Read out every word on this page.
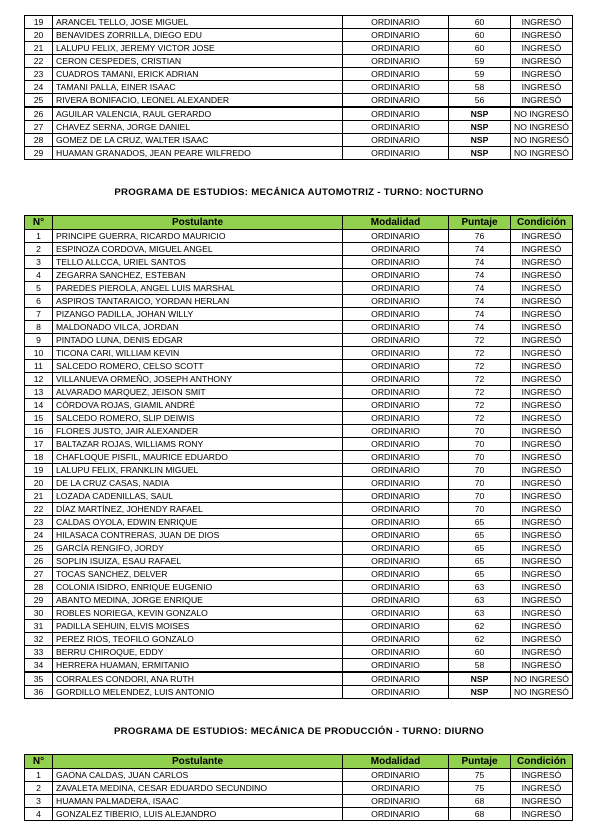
19	ARANCEL TELLO, JOSE MIGUEL	ORDINARIO	60	INGRESÓ
20	BENAVIDES ZORRILLA, DIEGO EDU	ORDINARIO	60	INGRESÓ
21	LALUPU FELIX, JEREMY VICTOR JOSE	ORDINARIO	60	INGRESÓ
22	CERON CESPEDES, CRISTIAN	ORDINARIO	59	INGRESÓ
23	CUADROS TAMANI, ERICK ADRIAN	ORDINARIO	59	INGRESÓ
24	TAMANI PALLA, EINER ISAAC	ORDINARIO	58	INGRESÓ
25	RIVERA BONIFACIO, LEONEL ALEXANDER	ORDINARIO	56	INGRESÓ
26	AGUILAR VALENCIA, RAUL GERARDO	ORDINARIO	NSP	NO INGRESÓ
27	CHAVEZ SERNA, JORGE DANIEL	ORDINARIO	NSP	NO INGRESÓ
28	GOMEZ DE LA CRUZ, WALTER ISAAC	ORDINARIO	NSP	NO INGRESÓ
29	HUAMAN GRANADOS, JEAN PEARE WILFREDO	ORDINARIO	NSP	NO INGRESÓ
PROGRAMA DE ESTUDIOS: MECÁNICA AUTOMOTRIZ - TURNO: NOCTURNO
N°	Postulante	Modalidad	Puntaje	Condición
1	PRINCIPE GUERRA, RICARDO MAURICIO	ORDINARIO	76	INGRESÓ
2	ESPINOZA CORDOVA, MIGUEL ANGEL	ORDINARIO	74	INGRESÓ
3	TELLO ALLCCA, URIEL SANTOS	ORDINARIO	74	INGRESÓ
4	ZEGARRA SANCHEZ, ESTEBAN	ORDINARIO	74	INGRESÓ
5	PAREDES PIEROLA, ANGEL LUIS MARSHAL	ORDINARIO	74	INGRESÓ
6	ASPIROS TANTARAICO, YORDAN HERLAN	ORDINARIO	74	INGRESÓ
7	PIZANGO PADILLA, JOHAN WILLY	ORDINARIO	74	INGRESÓ
8	MALDONADO VILCA, JORDAN	ORDINARIO	74	INGRESÓ
9	PINTADO LUNA, DENIS EDGAR	ORDINARIO	72	INGRESÓ
10	TICONA CARI, WILLIAM KEVIN	ORDINARIO	72	INGRESÓ
11	SALCEDO ROMERO, CELSO SCOTT	ORDINARIO	72	INGRESÓ
12	VILLANUEVA ORMEÑO, JOSEPH ANTHONY	ORDINARIO	72	INGRESÓ
13	ALVARADO MARQUEZ, JEISON SMIT	ORDINARIO	72	INGRESÓ
14	CÓRDOVA ROJAS, GIAMIL ANDRÉ	ORDINARIO	72	INGRESÓ
15	SALCEDO ROMERO, SLIP DEIWIS	ORDINARIO	72	INGRESÓ
16	FLORES JUSTO, JAIR ALEXANDER	ORDINARIO	70	INGRESÓ
17	BALTAZAR ROJAS, WILLIAMS RONY	ORDINARIO	70	INGRESÓ
18	CHAFLOQUE PISFIL, MAURICE EDUARDO	ORDINARIO	70	INGRESÓ
19	LALUPU FELIX, FRANKLIN MIGUEL	ORDINARIO	70	INGRESÓ
20	DE LA CRUZ CASAS, NADIA	ORDINARIO	70	INGRESÓ
21	LOZADA CADENILLAS, SAUL	ORDINARIO	70	INGRESÓ
22	DÍAZ MARTÍNEZ, JOHENDY RAFAEL	ORDINARIO	70	INGRESÓ
23	CALDAS OYOLA, EDWIN ENRIQUE	ORDINARIO	65	INGRESÓ
24	HILASACA CONTRERAS, JUAN DE DIOS	ORDINARIO	65	INGRESÓ
25	GARCÍA RENGIFO, JORDY	ORDINARIO	65	INGRESÓ
26	SOPLIN ISUIZA, ESAU RAFAEL	ORDINARIO	65	INGRESÓ
27	TOCAS SANCHEZ, DELVER	ORDINARIO	65	INGRESÓ
28	COLONIA ISIDRO, ENRIQUE EUGENIO	ORDINARIO	63	INGRESÓ
29	ABANTO MEDINA, JORGE ENRIQUE	ORDINARIO	63	INGRESÓ
30	ROBLES NORIEGA, KEVIN GONZALO	ORDINARIO	63	INGRESÓ
31	PADILLA SEHUIN, ELVIS MOISES	ORDINARIO	62	INGRESÓ
32	PEREZ RIOS, TEOFILO GONZALO	ORDINARIO	62	INGRESÓ
33	BERRU CHIROQUE, EDDY	ORDINARIO	60	INGRESÓ
34	HERRERA HUAMAN, ERMITANIO	ORDINARIO	58	INGRESÓ
35	CORRALES CONDORI, ANA RUTH	ORDINARIO	NSP	NO INGRESÓ
36	GORDILLO MELENDEZ, LUIS ANTONIO	ORDINARIO	NSP	NO INGRESÓ
PROGRAMA DE ESTUDIOS: MECÁNICA DE PRODUCCIÓN - TURNO: DIURNO
N°	Postulante	Modalidad	Puntaje	Condición
1	GAONA CALDAS, JUAN CARLOS	ORDINARIO	75	INGRESÓ
2	ZAVALETA MEDINA, CESAR EDUARDO SECUNDINO	ORDINARIO	75	INGRESÓ
3	HUAMAN PALMADERA, ISAAC	ORDINARIO	68	INGRESÓ
4	GONZALEZ TIBERIO, LUIS ALEJANDRO	ORDINARIO	68	INGRESÓ
